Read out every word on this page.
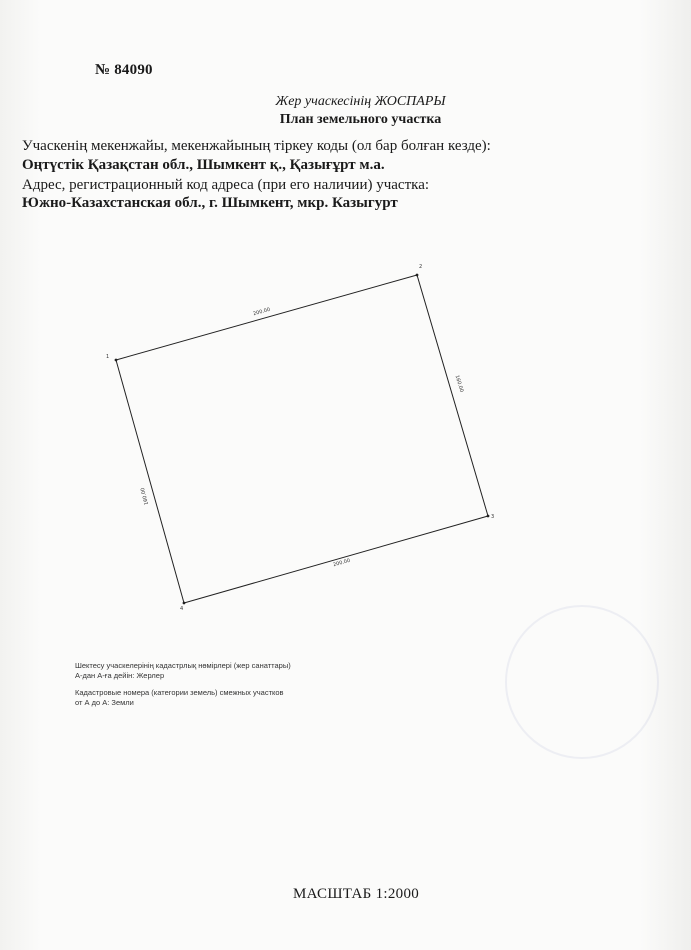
№ 84090
Жер учаскесінің ЖОСПАРЫ
План земельного участка
Учаскенің мекенжайы, мекенжайының тіркеу коды (ол бар болған кезде):
Оңтүстік Қазақстан обл., Шымкент қ., Қазығұрт м.а.
Адрес, регистрационный код адреса (при его наличии) участка:
Южно-Казахстанская обл., г. Шымкент, мкр. Казыгурт
1
2
3
4
200.00
160.00
200.00
160.00
Шектесу учаскелерінің кадастрлық нөмірлері (жер санаттары)
А-дан А-ға дейін: Жерлер
Кадастровые номера (категории земель) смежных участков
от А до А: Земли
МАСШТАБ 1:2000
